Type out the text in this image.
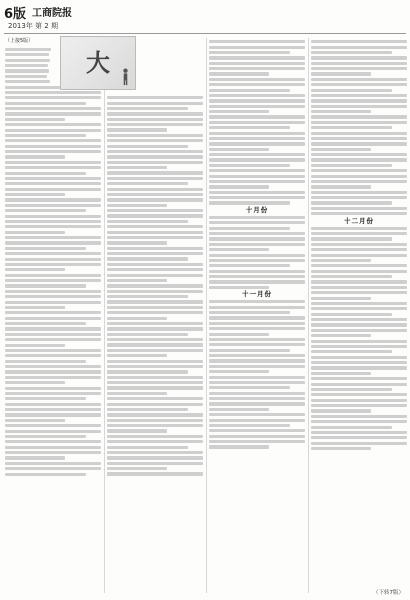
6版 工商院报
2013年 第 2 期

（上接5版）

大

十月份

十一月份

十二月份

（下转7版）
